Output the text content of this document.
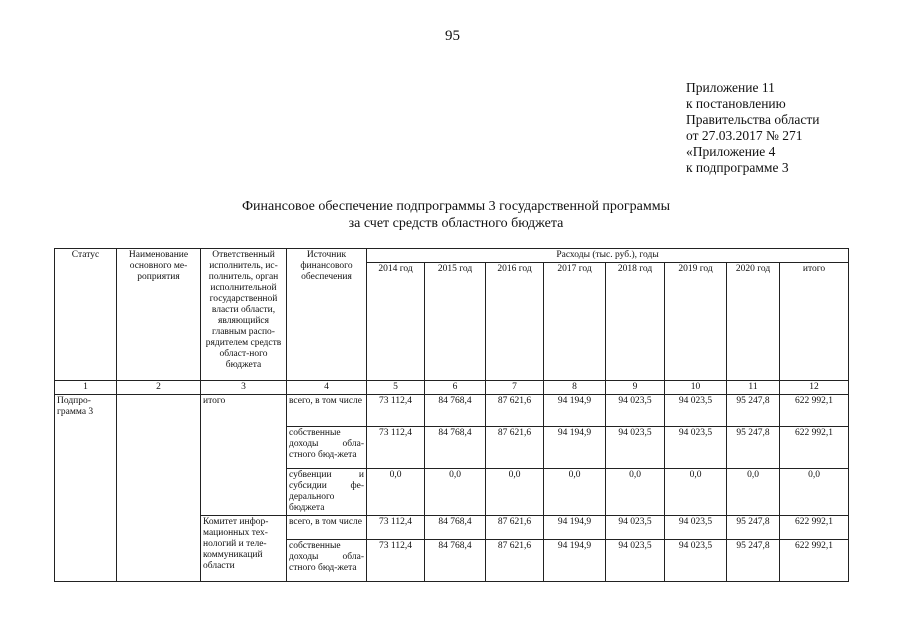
95
Приложение 11
к постановлению
Правительства области
от 27.03.2017 № 271
«Приложение 4
к подпрограмме 3
Финансовое обеспечение подпрограммы 3 государственной программы
за счет средств областного бюджета
Статус	Наименование основного ме-роприятия	Ответственный исполнитель, ис-полнитель, орган исполнительной государственной власти области, являющийся главным распо-рядителем средств област-ного бюджета	Источник финансового обеспечения	Расходы (тыс. руб.), годы							
				2014 год	2015 год	2016 год	2017 год	2018 год	2019 год	2020 год	итого
1	2	3	4	5	6	7	8	9	10	11	12
Подпро-грамма 3		итого	всего, в том числе	73 112,4	84 768,4	87 621,6	94 194,9	94 023,5	94 023,5	95 247,8	622 992,1
			собственные доходы обла-стного бюд-жета	73 112,4	84 768,4	87 621,6	94 194,9	94 023,5	94 023,5	95 247,8	622 992,1
			субвенции и субсидии фе-дерального бюджета	0,0	0,0	0,0	0,0	0,0	0,0	0,0	0,0
		Комитет инфор-мационных тех-нологий и теле-коммуникаций области	всего, в том числе	73 112,4	84 768,4	87 621,6	94 194,9	94 023,5	94 023,5	95 247,8	622 992,1
			собственные доходы обла-стного бюд-жета	73 112,4	84 768,4	87 621,6	94 194,9	94 023,5	94 023,5	95 247,8	622 992,1
